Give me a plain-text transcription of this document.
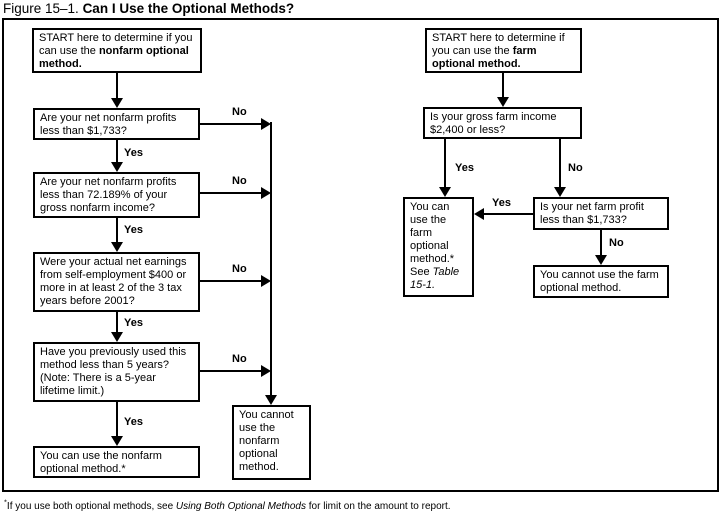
Figure 15–1. Can I Use the Optional Methods?
START here to determine if you can use the nonfarm optional method.
Are your net nonfarm profits less than $1,733?
Are your net nonfarm profits less than 72.189% of your gross nonfarm income?
Were your actual net earnings from self-employment $400 or more in at least 2 of the 3 tax years before 2001?
Have you previously used this method less than 5 years? (Note: There is a 5-year lifetime limit.)
You can use the nonfarm optional method.*
You cannot use the nonfarm optional method.
Yes
Yes
Yes
Yes
No
No
No
No
START here to determine if you can use the farm optional method.
Is your gross farm income $2,400 or less?
You can use the farm optional method.* See Table 15-1.
Is your net farm profit less than $1,733?
You cannot use the farm optional method.
Yes	No
Yes
No
*If you use both optional methods, see Using Both Optional Methods for limit on the amount to report.
